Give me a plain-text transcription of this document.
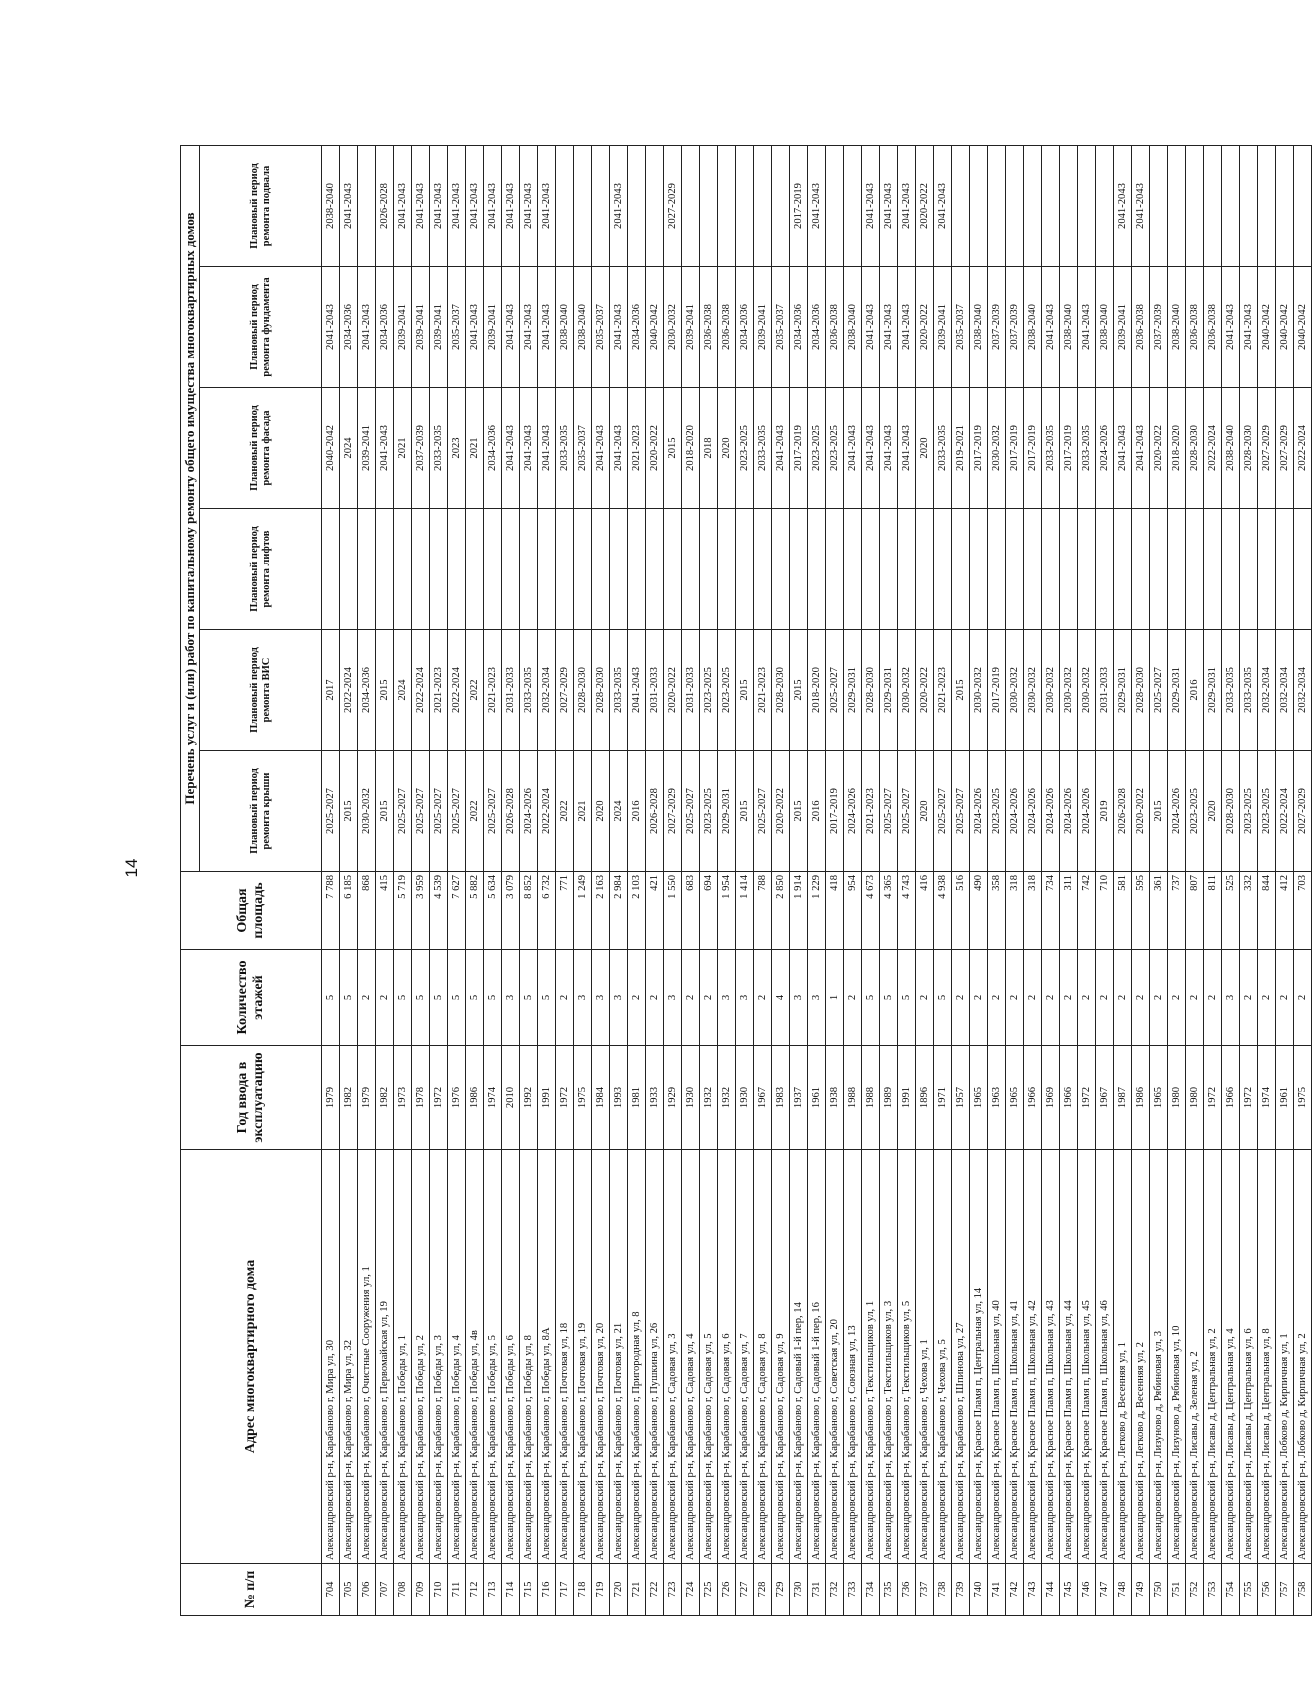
14
№ п/п	Адрес многоквартирного дома	Год ввода в эксплуатацию	Количество этажей	Общая площадь	Перечень услуг и (или) работ по капитальному ремонту общего имущества многоквартирных домов					
					Плановый период ремонта крыши	Плановый период ремонта ВИС	Плановый период ремонта лифтов	Плановый период ремонта фасада	Плановый период ремонта фундамента	Плановый период ремонта подвала
704	Александровский р-н, Карабаново г, Мира ул, 30	1979	5	7 788	2025-2027	2017		2040-2042	2041-2043	2038-2040
705	Александровский р-н, Карабаново г, Мира ул, 32	1982	5	6 185	2015	2022-2024		2024	2034-2036	2041-2043
706	Александровский р-н, Карабаново г, Очистные Сооружения ул, 1	1979	2	868	2030-2032	2034-2036		2039-2041	2041-2043	
707	Александровский р-н, Карабаново г, Первомайская ул, 19	1982	2	415	2015	2015		2041-2043	2034-2036	2026-2028
708	Александровский р-н, Карабаново г, Победы ул, 1	1973	5	5 719	2025-2027	2024		2021	2039-2041	2041-2043
709	Александровский р-н, Карабаново г, Победы ул, 2	1978	5	3 959	2025-2027	2022-2024		2037-2039	2039-2041	2041-2043
710	Александровский р-н, Карабаново г, Победы ул, 3	1972	5	4 539	2025-2027	2021-2023		2033-2035	2039-2041	2041-2043
711	Александровский р-н, Карабаново г, Победы ул, 4	1976	5	7 627	2025-2027	2022-2024		2023	2035-2037	2041-2043
712	Александровский р-н, Карабаново г, Победы ул, 4в	1986	5	5 882	2022	2022		2021	2041-2043	2041-2043
713	Александровский р-н, Карабаново г, Победы ул, 5	1974	5	5 634	2025-2027	2021-2023		2034-2036	2039-2041	2041-2043
714	Александровский р-н, Карабаново г, Победы ул, 6	2010	3	3 079	2026-2028	2031-2033		2041-2043	2041-2043	2041-2043
715	Александровский р-н, Карабаново г, Победы ул, 8	1992	5	8 852	2024-2026	2033-2035		2041-2043	2041-2043	2041-2043
716	Александровский р-н, Карабаново г, Победы ул, 8А	1991	5	6 732	2022-2024	2032-2034		2041-2043	2041-2043	2041-2043
717	Александровский р-н, Карабаново г, Почтовая ул, 18	1972	2	771	2022	2027-2029		2033-2035	2038-2040	
718	Александровский р-н, Карабаново г, Почтовая ул, 19	1975	3	1 249	2021	2028-2030		2035-2037	2038-2040	
719	Александровский р-н, Карабаново г, Почтовая ул, 20	1984	3	2 163	2020	2028-2030		2041-2043	2035-2037	
720	Александровский р-н, Карабаново г, Почтовая ул, 21	1993	3	2 984	2024	2033-2035		2041-2043	2041-2043	2041-2043
721	Александровский р-н, Карабаново г, Пригородная ул, 8	1981	2	2 103	2016	2041-2043		2021-2023	2034-2036	
722	Александровский р-н, Карабаново г, Пушкина ул, 26	1933	2	421	2026-2028	2031-2033		2020-2022	2040-2042	
723	Александровский р-н, Карабаново г, Садовая ул, 3	1929	3	1 550	2027-2029	2020-2022		2015	2030-2032	2027-2029
724	Александровский р-н, Карабаново г, Садовая ул, 4	1930	2	683	2025-2027	2031-2033		2018-2020	2039-2041	
725	Александровский р-н, Карабаново г, Садовая ул, 5	1932	2	694	2023-2025	2023-2025		2018	2036-2038	
726	Александровский р-н, Карабаново г, Садовая ул, 6	1932	3	1 954	2029-2031	2023-2025		2020	2036-2038	
727	Александровский р-н, Карабаново г, Садовая ул, 7	1930	3	1 414	2015	2015		2023-2025	2034-2036	
728	Александровский р-н, Карабаново г, Садовая ул, 8	1967	2	788	2025-2027	2021-2023		2033-2035	2039-2041	
729	Александровский р-н, Карабаново г, Садовая ул, 9	1983	4	2 850	2020-2022	2028-2030		2041-2043	2035-2037	
730	Александровский р-н, Карабаново г, Садовый 1-й пер, 14	1937	3	1 914	2015	2015		2017-2019	2034-2036	2017-2019
731	Александровский р-н, Карабаново г, Садовый 1-й пер, 16	1961	3	1 229	2016	2018-2020		2023-2025	2034-2036	2041-2043
732	Александровский р-н, Карабаново г, Советская ул, 20	1938	1	418	2017-2019	2025-2027		2023-2025	2036-2038	
733	Александровский р-н, Карабаново г, Союзная ул, 13	1988	2	954	2024-2026	2029-2031		2041-2043	2038-2040	
734	Александровский р-н, Карабаново г, Текстильщиков ул, 1	1988	5	4 673	2021-2023	2028-2030		2041-2043	2041-2043	2041-2043
735	Александровский р-н, Карабаново г, Текстильщиков ул, 3	1989	5	4 365	2025-2027	2029-2031		2041-2043	2041-2043	2041-2043
736	Александровский р-н, Карабаново г, Текстильщиков ул, 5	1991	5	4 743	2025-2027	2030-2032		2041-2043	2041-2043	2041-2043
737	Александровский р-н, Карабаново г, Чехова ул, 1	1896	2	416	2020	2020-2022		2020	2020-2022	2020-2022
738	Александровский р-н, Карабаново г, Чехова ул, 5	1971	5	4 938	2025-2027	2021-2023		2033-2035	2039-2041	2041-2043
739	Александровский р-н, Карабаново г, Шпинова ул, 27	1957	2	516	2025-2027	2015		2019-2021	2035-2037	
740	Александровский р-н, Красное Пламя п, Центральная ул, 14	1965	2	490	2024-2026	2030-2032		2017-2019	2038-2040	
741	Александровский р-н, Красное Пламя п, Школьная ул, 40	1963	2	358	2023-2025	2017-2019		2030-2032	2037-2039	
742	Александровский р-н, Красное Пламя п, Школьная ул, 41	1965	2	318	2024-2026	2030-2032		2017-2019	2037-2039	
743	Александровский р-н, Красное Пламя п, Школьная ул, 42	1966	2	318	2024-2026	2030-2032		2017-2019	2038-2040	
744	Александровский р-н, Красное Пламя п, Школьная ул, 43	1969	2	734	2024-2026	2030-2032		2033-2035	2041-2043	
745	Александровский р-н, Красное Пламя п, Школьная ул, 44	1966	2	311	2024-2026	2030-2032		2017-2019	2038-2040	
746	Александровский р-н, Красное Пламя п, Школьная ул, 45	1972	2	742	2024-2026	2030-2032		2033-2035	2041-2043	
747	Александровский р-н, Красное Пламя п, Школьная ул, 46	1967	2	710	2019	2031-2033		2024-2026	2038-2040	
748	Александровский р-н, Легково д, Весенняя ул, 1	1987	2	581	2026-2028	2029-2031		2041-2043	2039-2041	2041-2043
749	Александровский р-н, Легково д, Весенняя ул, 2	1986	2	595	2020-2022	2028-2030		2041-2043	2036-2038	2041-2043
750	Александровский р-н, Лизуново д, Рябиновая ул, 3	1965	2	361	2015	2025-2027		2020-2022	2037-2039	
751	Александровский р-н, Лизуново д, Рябиновая ул, 10	1980	2	737	2024-2026	2029-2031		2018-2020	2038-2040	
752	Александровский р-н, Лисавы д, Зеленая ул, 2	1980	2	807	2023-2025	2016		2028-2030	2036-2038	
753	Александровский р-н, Лисавы д, Центральная ул, 2	1972	2	811	2020	2029-2031		2022-2024	2036-2038	
754	Александровский р-н, Лисавы д, Центральная ул, 4	1966	3	525	2028-2030	2033-2035		2038-2040	2041-2043	
755	Александровский р-н, Лисавы д, Центральная ул, 6	1972	2	332	2023-2025	2033-2035		2028-2030	2041-2043	
756	Александровский р-н, Лисавы д, Центральная ул, 8	1974	2	844	2023-2025	2032-2034		2027-2029	2040-2042	
757	Александровский р-н, Лобково д, Кирпичная ул, 1	1961	2	412	2022-2024	2032-2034		2027-2029	2040-2042	
758	Александровский р-н, Лобково д, Кирпичная ул, 2	1975	2	703	2027-2029	2032-2034		2022-2024	2040-2042	
